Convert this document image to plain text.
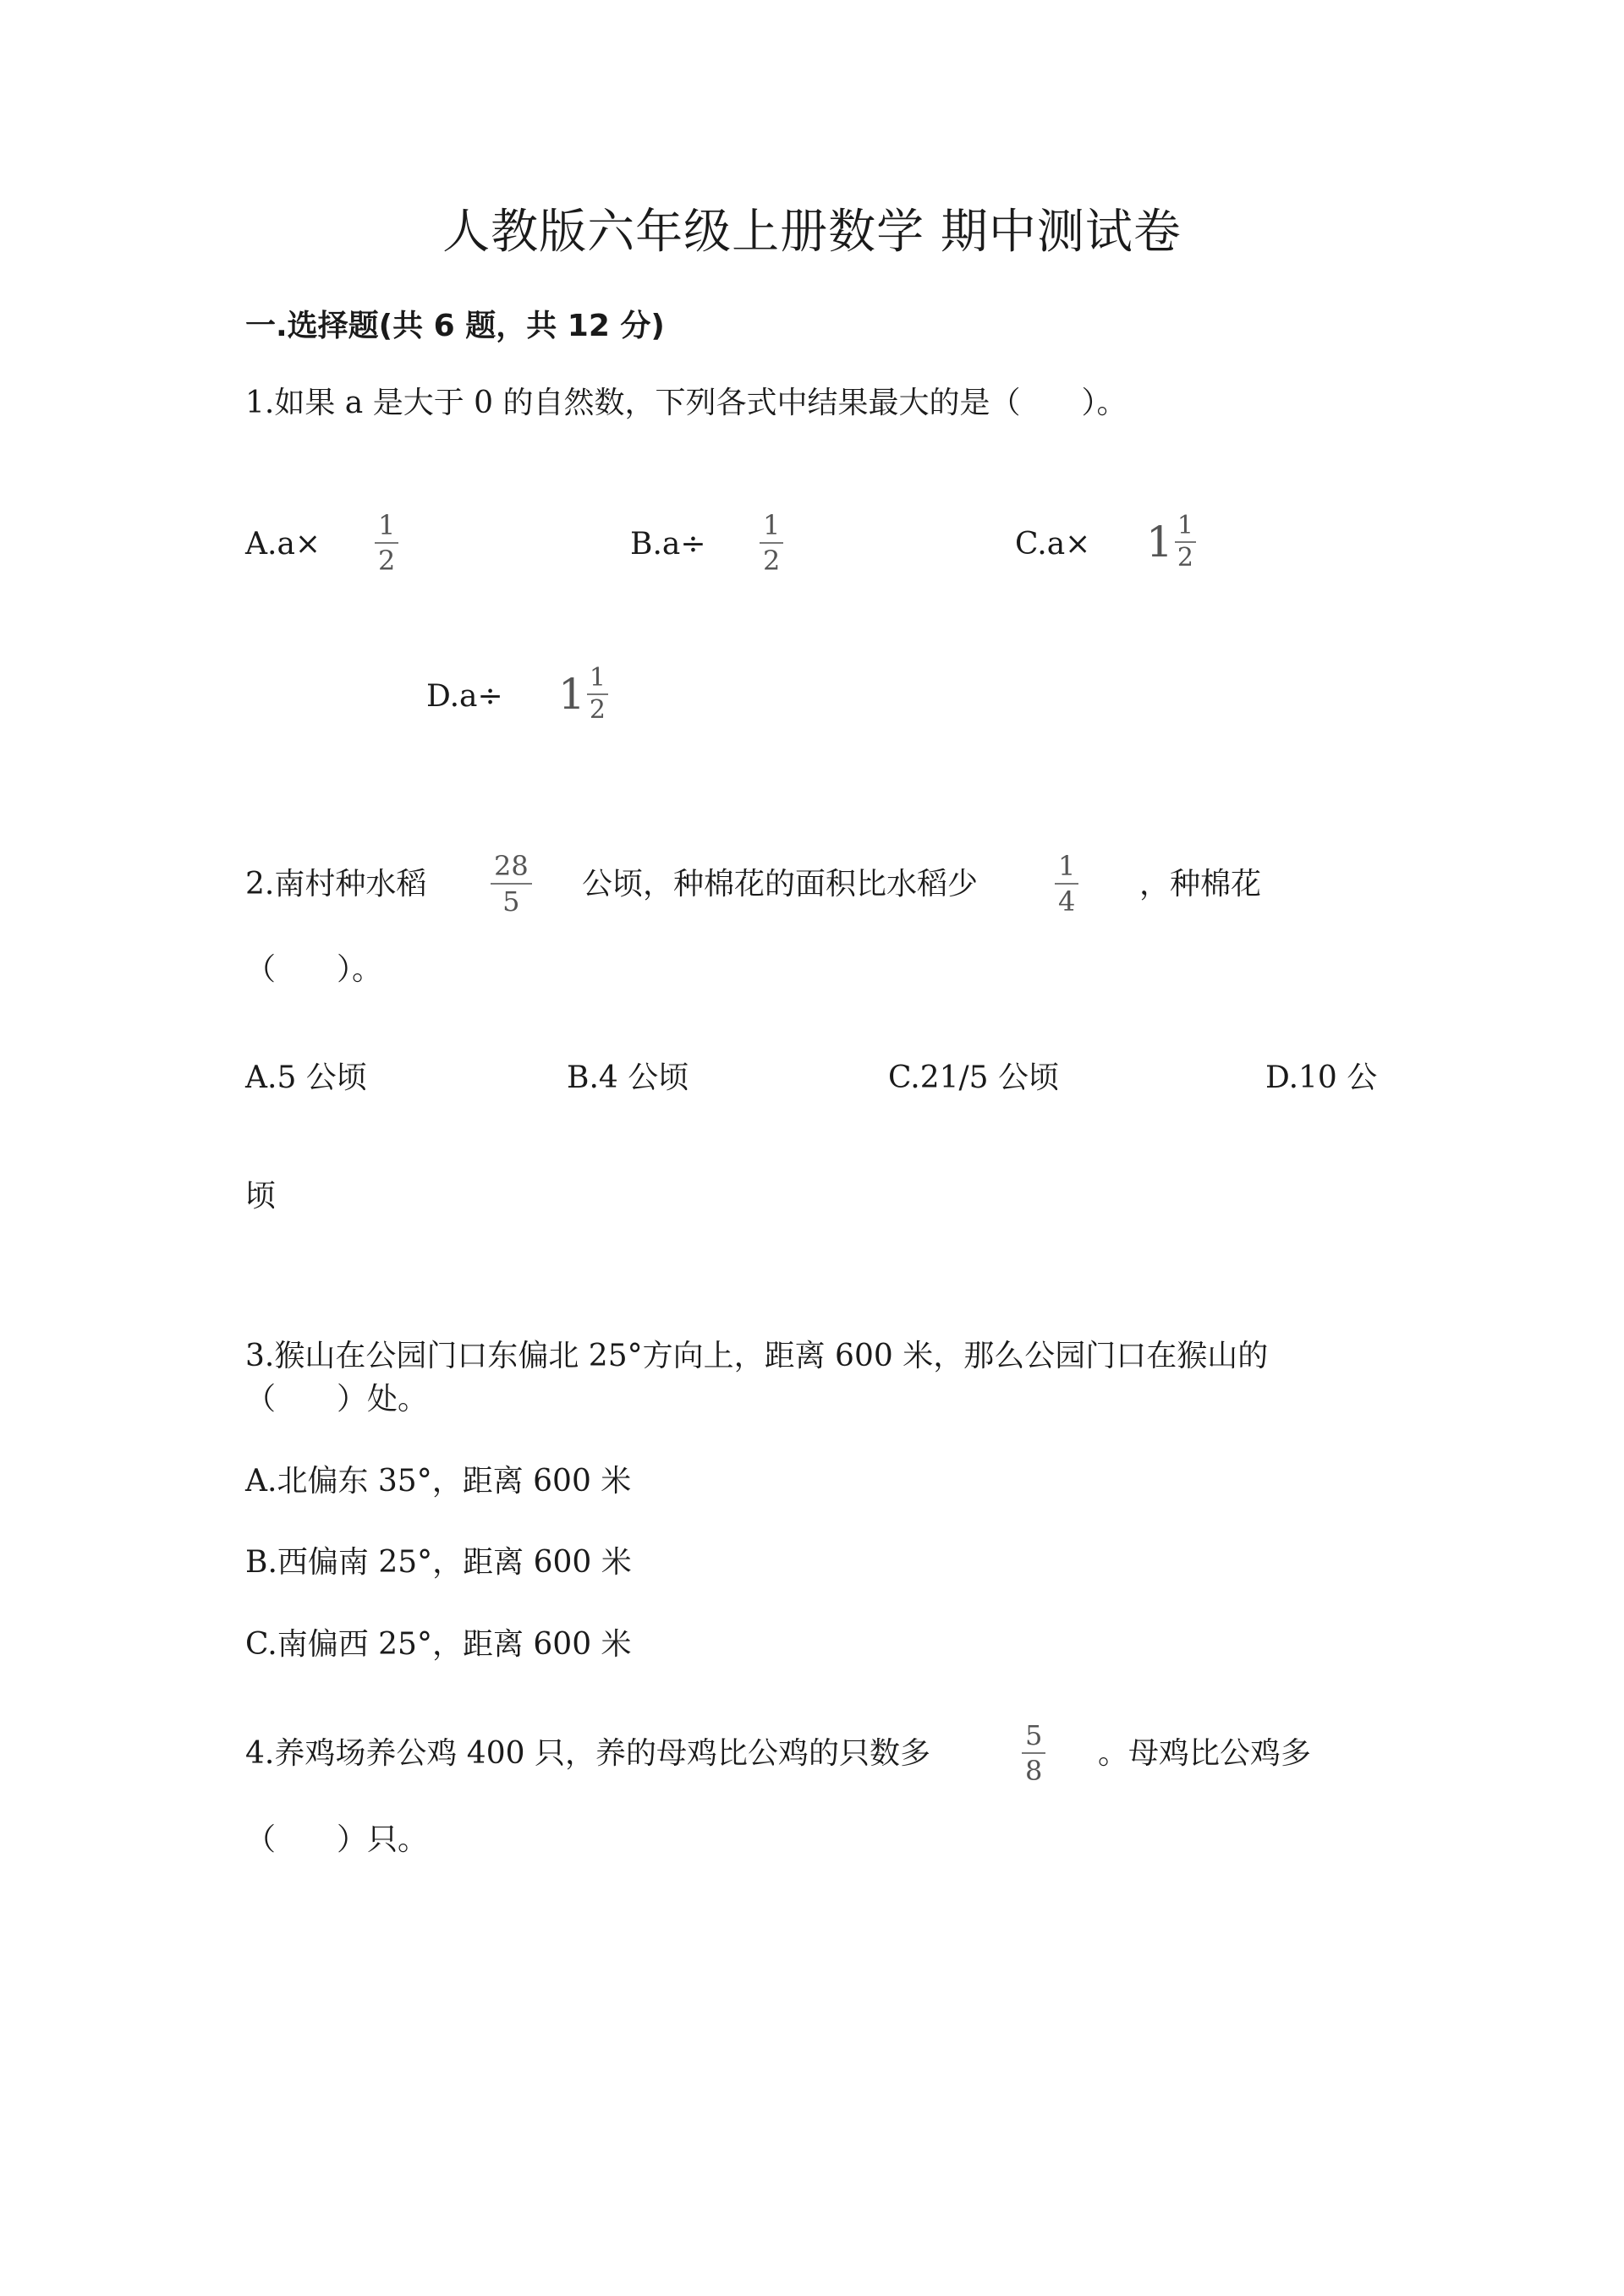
人教版六年级上册数学 期中测试卷
一.选择题(共 6 题，共 12 分)
1.如果 a 是大于 0 的自然数，下列各式中结果最大的是（　　）。
A.a×
1
2	B.a÷
1
2	$C.a\times 1 \frac{1}{2}$
$D.a\div 1 \frac{1}{2}$
2.南村种水稻
28
5 公顷，种棉花的面积比水稻少
1
4 ，种棉花
（　　）。
A.5 公顷	B.4 公顷	C.21/5 公顷	D.10 公
顷
3.猴山在公园门口东偏北 25°方向上，距离 600 米，那么公园门口在猴山的
（　　）处。
A.北偏东 35°，距离 600 米
B.西偏南 25°，距离 600 米
C.南偏西 25°，距离 600 米
4.养鸡场养公鸡 400 只，养的母鸡比公鸡的只数多
5
8 。母鸡比公鸡多
（　　）只。
